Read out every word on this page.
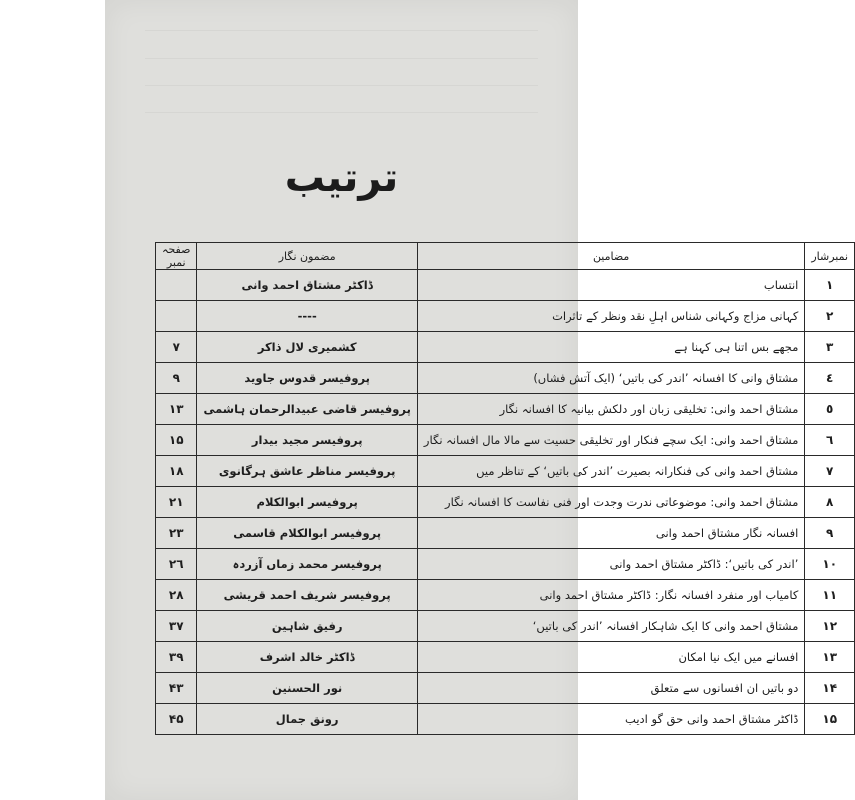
ترتیب
نمبرشار	مضامین	مضمون نگار	صفحہ نمبر
١	انتساب	ڈاکٹر مشتاق احمد وانی	
٢	کہانی مزاج وکہانی شناس اہلِ نقد ونظر کے تاثرات	----	
٣	مجھے بس اتنا ہی کہنا ہے	کشمیری لال ذاکر	٧
٤	مشتاق وانی کا افسانہ ’اندر کی باتیں‘ (ایک آتش فشاں)	پروفیسر قدوس جاوید	٩
٥	مشتاق احمد وانی: تخلیقی زبان اور دلکش بیانیہ کا افسانہ نگار	پروفیسر قاضی عبیدالرحمان ہاشمی	١٣
٦	مشتاق احمد وانی: ایک سچے فنکار اور تخلیقی حسیت سے مالا مال افسانہ نگار	پروفیسر مجید بیدار	١۵
٧	مشتاق احمد وانی کی فنکارانہ بصیرت ’اندر کی باتیں‘ کے تناظر میں	پروفیسر مناظر عاشق ہرگانوی	١٨
٨	مشتاق احمد وانی: موضوعاتی ندرت وجدت اور فنی نفاست کا افسانہ نگار	پروفیسر ابوالکلام	٢١
٩	افسانہ نگار مشتاق احمد وانی	پروفیسر ابوالکلام قاسمی	٢٣
١٠	’اندر کی باتیں‘: ڈاکٹر مشتاق احمد وانی	پروفیسر محمد زماں آزردہ	٢٦
١١	کامیاب اور منفرد افسانہ نگار: ڈاکٹر مشتاق احمد وانی	پروفیسر شریف احمد قریشی	٢٨
١٢	مشتاق احمد وانی کا ایک شاہکار افسانہ ’اندر کی باتیں‘	رفیق شاہین	٣٧
١٣	افسانے میں ایک نیا امکان	ڈاکٹر خالد اشرف	٣٩
١۴	دو باتیں ان افسانوں سے متعلق	نور الحسنین	۴٣
١۵	ڈاکٹر مشتاق احمد وانی حق گو ادیب	رونق جمال	۴۵
